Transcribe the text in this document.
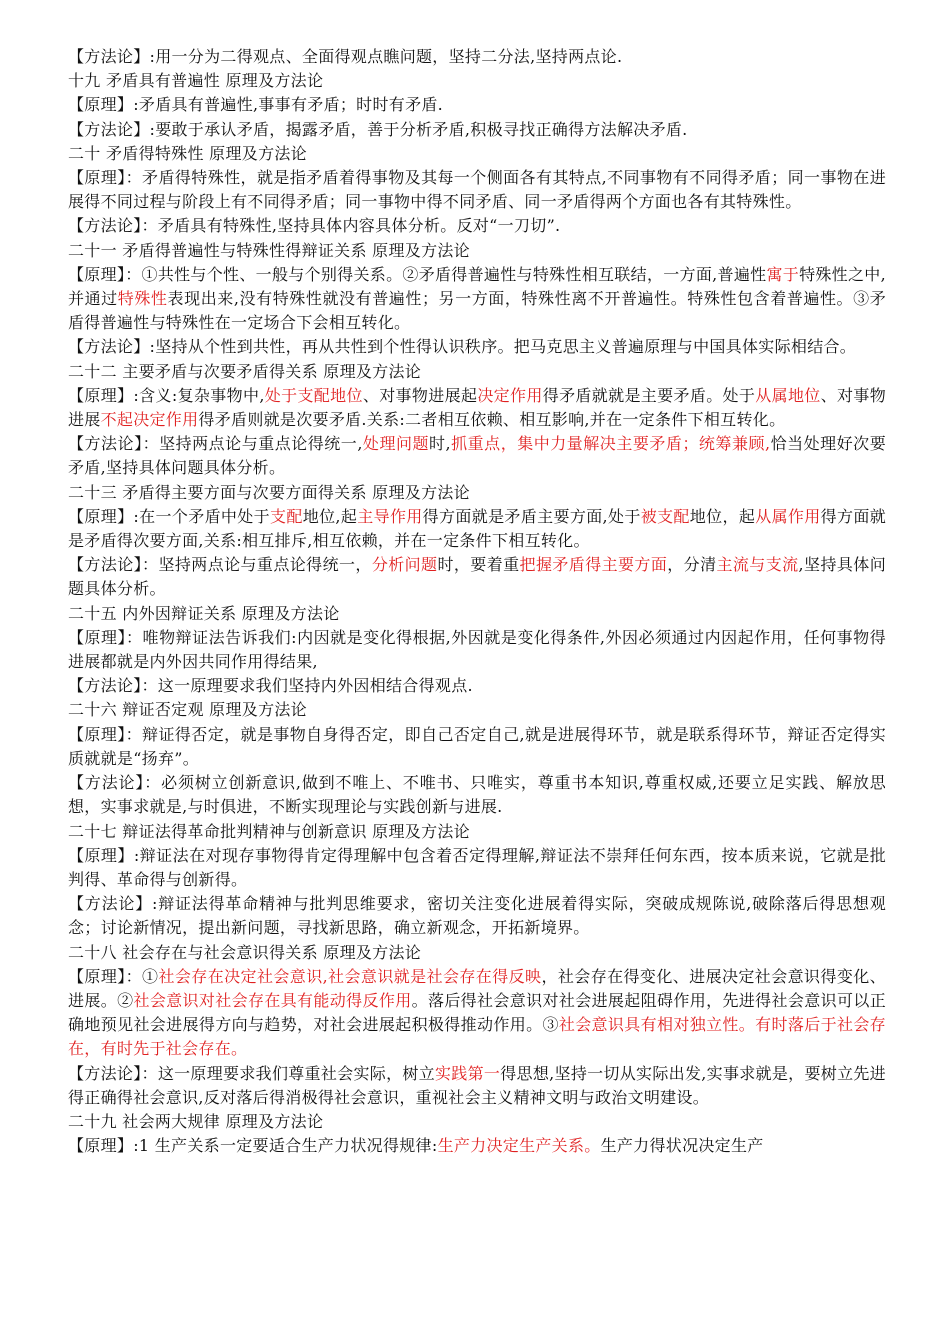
【方法论】:用一分为二得观点、全面得观点瞧问题，坚持二分法,坚持两点论.

十九 矛盾具有普遍性 原理及方法论

【原理】:矛盾具有普遍性,事事有矛盾；时时有矛盾.

【方法论】:要敢于承认矛盾，揭露矛盾，善于分析矛盾,积极寻找正确得方法解决矛盾.

二十 矛盾得特殊性 原理及方法论

【原理】：矛盾得特殊性，就是指矛盾着得事物及其每一个侧面各有其特点,不同事物有不同得矛盾；同一事物在进展得不同过程与阶段上有不同得矛盾；同一事物中得不同矛盾、同一矛盾得两个方面也各有其特殊性。

【方法论】：矛盾具有特殊性,坚持具体内容具体分析。反对“一刀切”.

二十一 矛盾得普遍性与特殊性得辩证关系 原理及方法论

【原理】：①共性与个性、一般与个别得关系。②矛盾得普遍性与特殊性相互联结，一方面,普遍性寓于特殊性之中,并通过特殊性表现出来,没有特殊性就没有普遍性；另一方面，特殊性离不开普遍性。特殊性包含着普遍性。③矛盾得普遍性与特殊性在一定场合下会相互转化。

【方法论】:坚持从个性到共性，再从共性到个性得认识秩序。把马克思主义普遍原理与中国具体实际相结合。

二十二 主要矛盾与次要矛盾得关系 原理及方法论

【原理】:含义:复杂事物中,处于支配地位、对事物进展起决定作用得矛盾就就是主要矛盾。处于从属地位、对事物进展不起决定作用得矛盾则就是次要矛盾.关系:二者相互依赖、相互影响,并在一定条件下相互转化。

【方法论】：坚持两点论与重点论得统一,处理问题时,抓重点，集中力量解决主要矛盾；统筹兼顾,恰当处理好次要矛盾,坚持具体问题具体分析。

二十三 矛盾得主要方面与次要方面得关系 原理及方法论

【原理】:在一个矛盾中处于支配地位,起主导作用得方面就是矛盾主要方面,处于被支配地位，起从属作用得方面就是矛盾得次要方面,关系:相互排斥,相互依赖，并在一定条件下相互转化。

【方法论】：坚持两点论与重点论得统一，分析问题时，要着重把握矛盾得主要方面，分清主流与支流,坚持具体问题具体分析。

二十五 内外因辩证关系 原理及方法论

【原理】：唯物辩证法告诉我们:内因就是变化得根据,外因就是变化得条件,外因必须通过内因起作用，任何事物得进展都就是内外因共同作用得结果,

【方法论】：这一原理要求我们坚持内外因相结合得观点.

二十六 辩证否定观 原理及方法论

【原理】：辩证得否定，就是事物自身得否定，即自己否定自己,就是进展得环节，就是联系得环节，辩证否定得实质就就是“扬弃”。

【方法论】：必须树立创新意识,做到不唯上、不唯书、只唯实，尊重书本知识,尊重权威,还要立足实践、解放思想，实事求就是,与时俱进，不断实现理论与实践创新与进展.

二十七 辩证法得革命批判精神与创新意识 原理及方法论

【原理】:辩证法在对现存事物得肯定得理解中包含着否定得理解,辩证法不崇拜任何东西，按本质来说，它就是批判得、革命得与创新得。

【方法论】:辩证法得革命精神与批判思维要求，密切关注变化进展着得实际，突破成规陈说,破除落后得思想观念；讨论新情况，提出新问题，寻找新思路，确立新观念，开拓新境界。

二十八 社会存在与社会意识得关系 原理及方法论

【原理】：①社会存在决定社会意识,社会意识就是社会存在得反映，社会存在得变化、进展决定社会意识得变化、进展。②社会意识对社会存在具有能动得反作用。落后得社会意识对社会进展起阻碍作用，先进得社会意识可以正确地预见社会进展得方向与趋势，对社会进展起积极得推动作用。③社会意识具有相对独立性。有时落后于社会存在，有时先于社会存在。

【方法论】：这一原理要求我们尊重社会实际，树立实践第一得思想,坚持一切从实际出发,实事求就是，要树立先进得正确得社会意识,反对落后得消极得社会意识，重视社会主义精神文明与政治文明建设。

二十九 社会两大规律 原理及方法论

【原理】:1 生产关系一定要适合生产力状况得规律:生产力决定生产关系。生产力得状况决定生产
